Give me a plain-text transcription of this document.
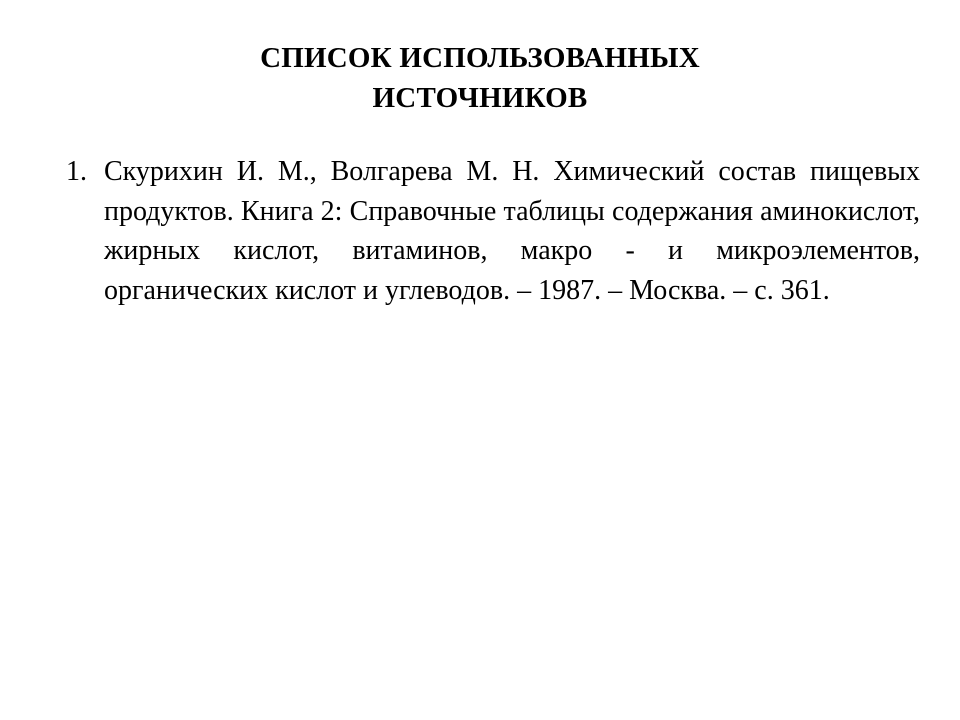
СПИСОК ИСПОЛЬЗОВАННЫХ
ИСТОЧНИКОВ
1. Скурихин И. М., Волгарева М. Н. Химический состав пищевых продуктов. Книга 2: Справочные таблицы содержания аминокислот, жирных кислот, витаминов, макро - и микроэлементов, органических кислот и углеводов. – 1987. – Москва. – с. 361.
